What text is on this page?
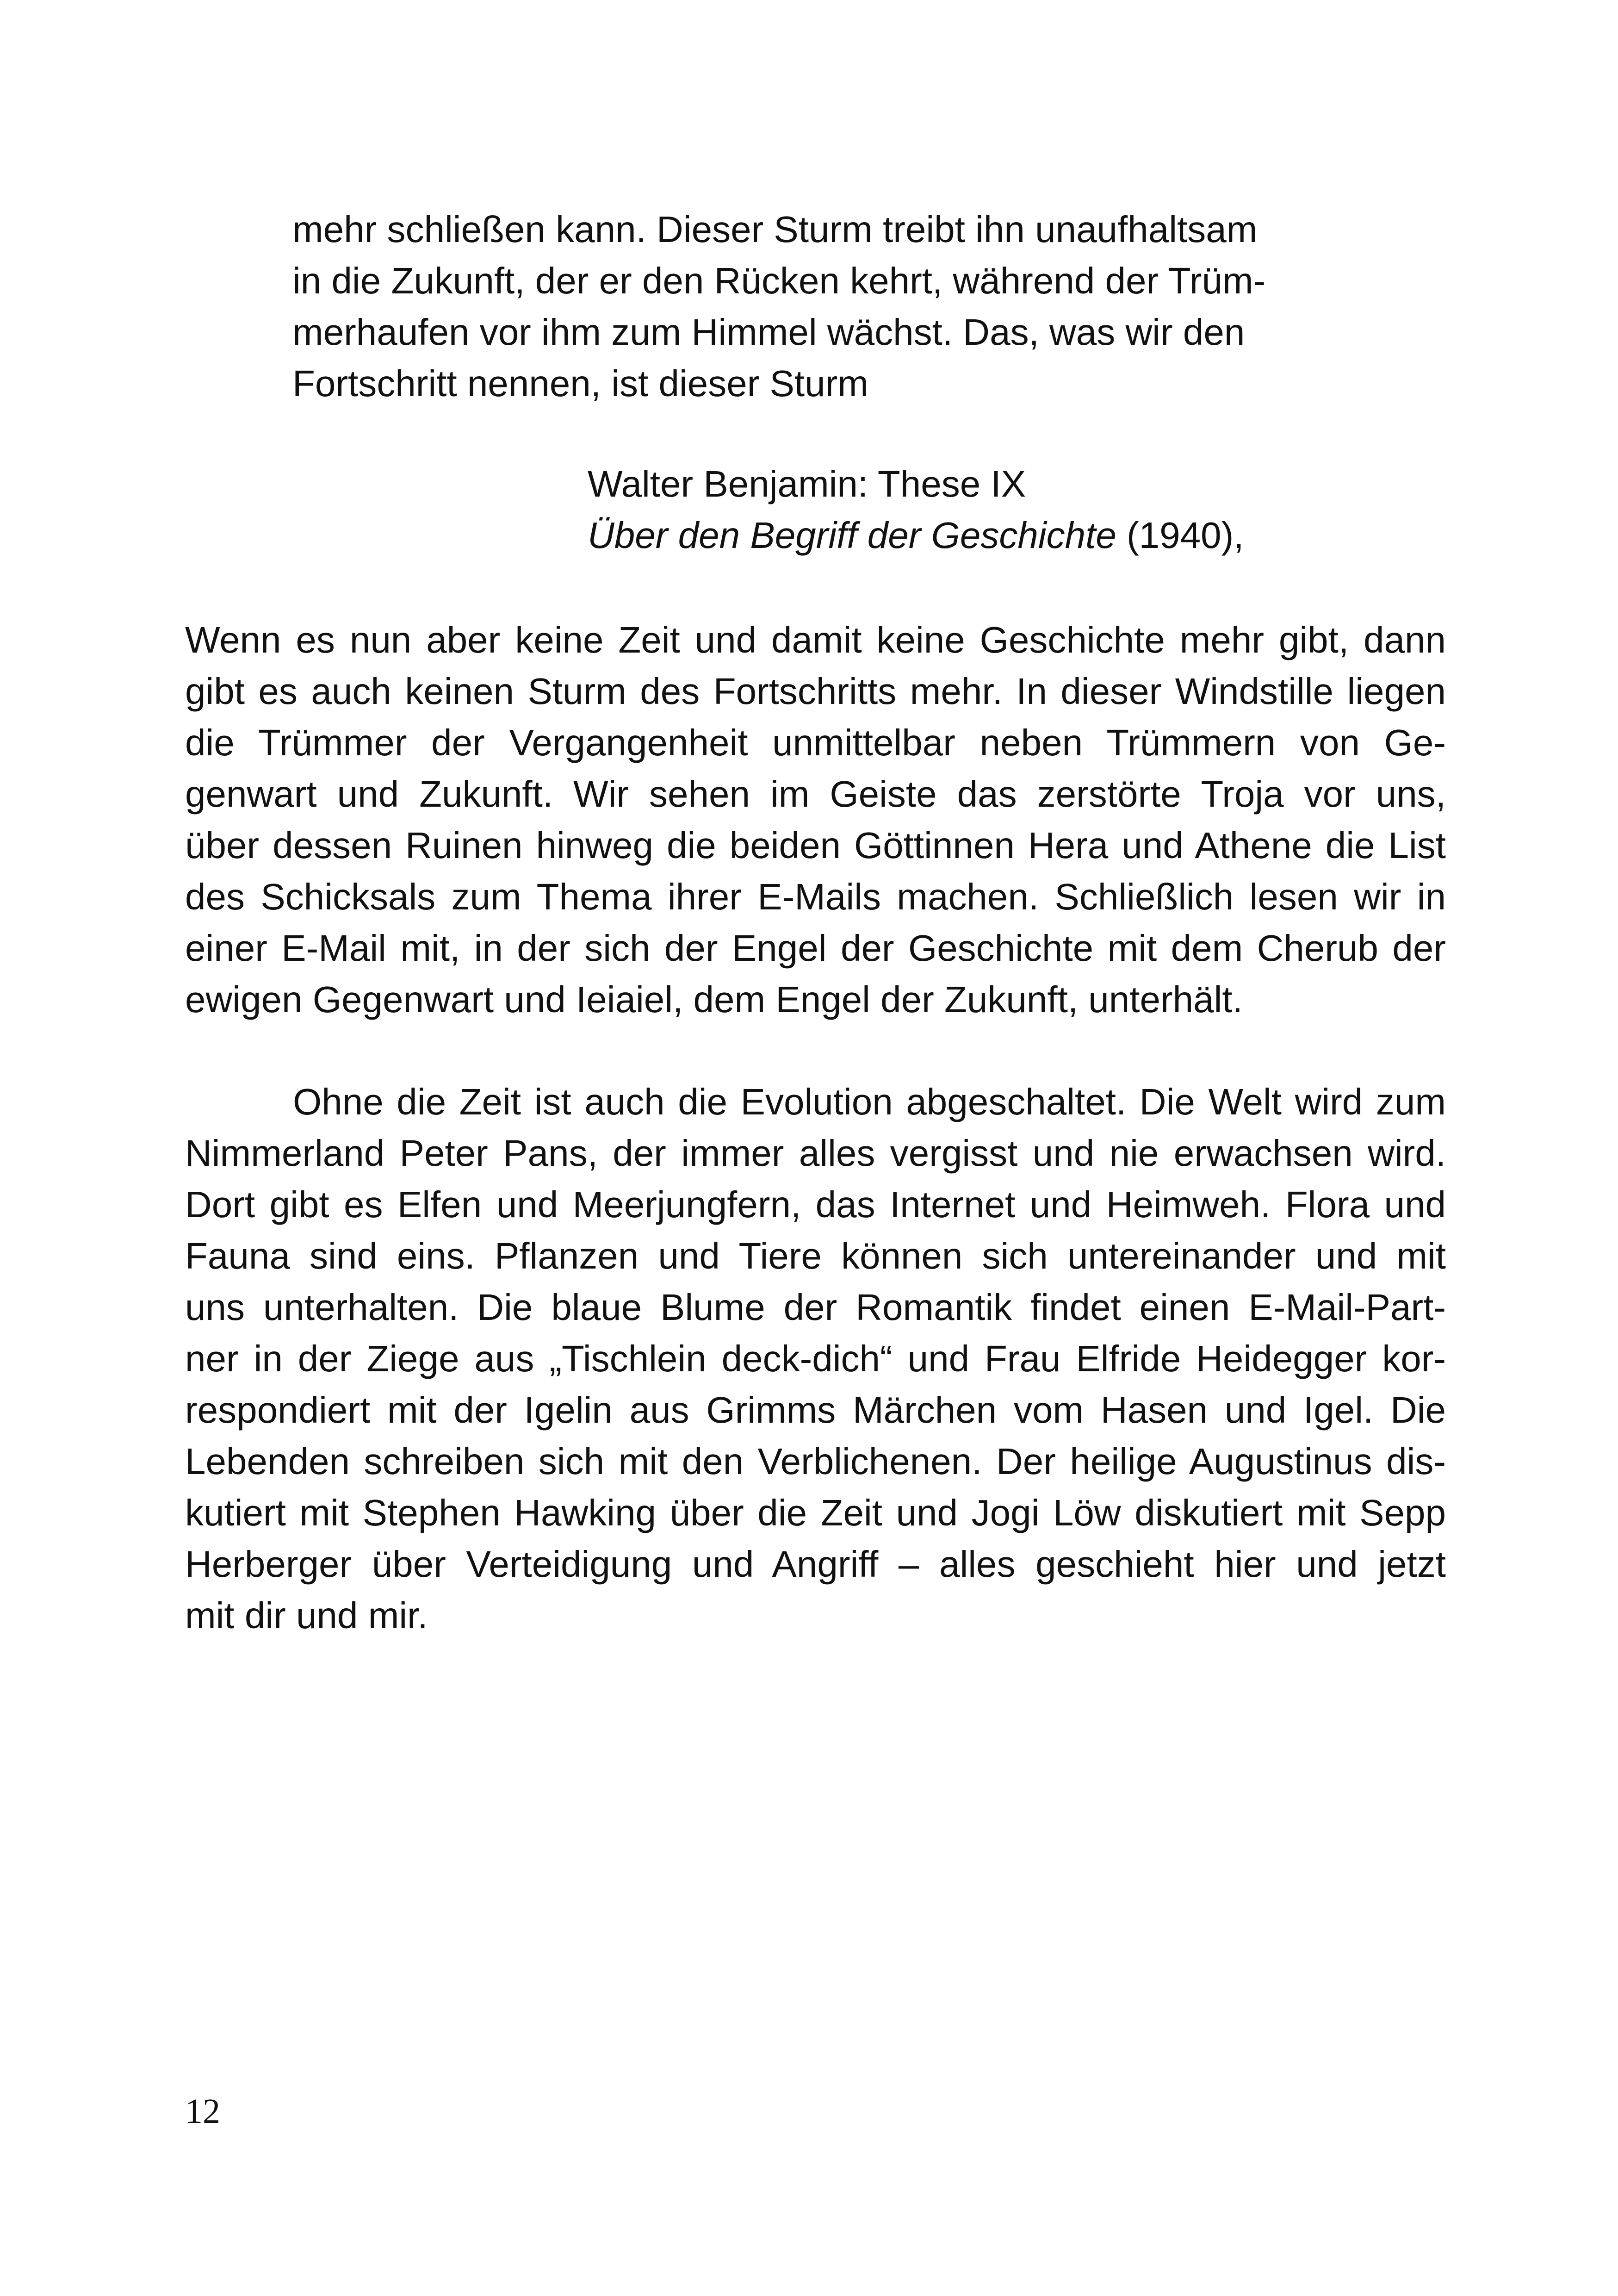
mehr schließen kann. Dieser Sturm treibt ihn unaufhaltsam
in die Zukunft, der er den Rücken kehrt, während der Trüm-
merhaufen vor ihm zum Himmel wächst. Das, was wir den
Fortschritt nennen, ist dieser Sturm
Walter Benjamin: These IX
Über den Begriff der Geschichte (1940),
Wenn es nun aber keine Zeit und damit keine Geschichte mehr gibt, dann
gibt es auch keinen Sturm des Fortschritts mehr. In dieser Windstille liegen
die Trümmer der Vergangenheit unmittelbar neben Trümmern von Ge-
genwart und Zukunft. Wir sehen im Geiste das zerstörte Troja vor uns,
über dessen Ruinen hinweg die beiden Göttinnen Hera und Athene die List
des Schicksals zum Thema ihrer E-Mails machen. Schließlich lesen wir in
einer E-Mail mit, in der sich der Engel der Geschichte mit dem Cherub der
ewigen Gegenwart und Ieiaiel, dem Engel der Zukunft, unterhält.
Ohne die Zeit ist auch die Evolution abgeschaltet. Die Welt wird zum
Nimmerland Peter Pans, der immer alles vergisst und nie erwachsen wird.
Dort gibt es Elfen und Meerjungfern, das Internet und Heimweh. Flora und
Fauna sind eins. Pflanzen und Tiere können sich untereinander und mit
uns unterhalten. Die blaue Blume der Romantik findet einen E-Mail-Part-
ner in der Ziege aus „Tischlein deck-dich“ und Frau Elfride Heidegger kor-
respondiert mit der Igelin aus Grimms Märchen vom Hasen und Igel. Die
Lebenden schreiben sich mit den Verblichenen. Der heilige Augustinus dis-
kutiert mit Stephen Hawking über die Zeit und Jogi Löw diskutiert mit Sepp
Herberger über Verteidigung und Angriff – alles geschieht hier und jetzt
mit dir und mir.
12
